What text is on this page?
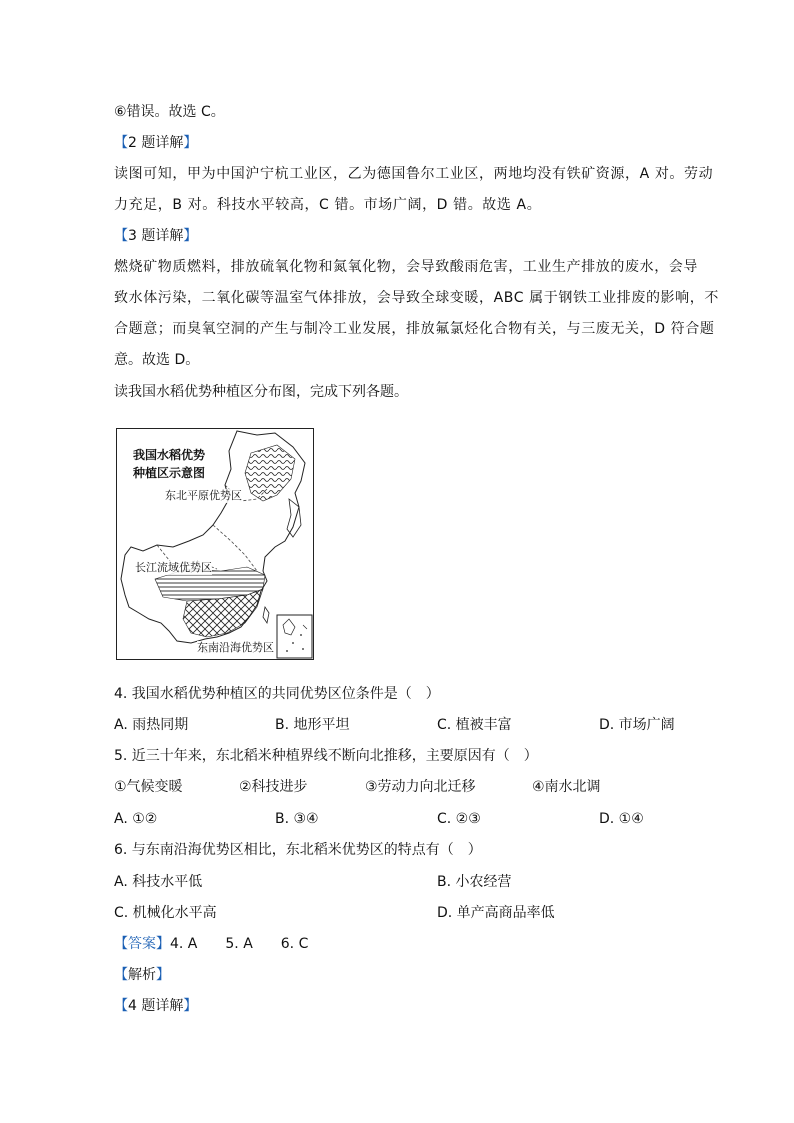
⑥错误。故选 C。
【2 题详解】
读图可知，甲为中国沪宁杭工业区，乙为德国鲁尔工业区，两地均没有铁矿资源，A 对。劳动
力充足，B 对。科技水平较高，C 错。市场广阔，D 错。故选 A。
【3 题详解】
燃烧矿物质燃料，排放硫氧化物和氮氧化物，会导致酸雨危害，工业生产排放的废水，会导
致水体污染，二氧化碳等温室气体排放，会导致全球变暖，ABC 属于钢铁工业排废的影响，不
合题意；而臭氧空洞的产生与制冷工业发展，排放氟氯烃化合物有关，与三废无关，D 符合题
意。故选 D。
读我国水稻优势种植区分布图，完成下列各题。
我国水稻优势
种植区示意图
东北平原优势区
长江流域优势区
东南沿海优势区
4. 我国水稻优势种植区的共同优势区位条件是（　）
A. 雨热同期	B. 地形平坦	C. 植被丰富	D. 市场广阔
5. 近三十年来，东北稻米种植界线不断向北推移，主要原因有（　）
①气候变暖	②科技进步	③劳动力向北迁移	④南水北调
A. ①②	B. ③④	C. ②③	D. ①④
6. 与东南沿海优势区相比，东北稻米优势区的特点有（　）
A. 科技水平低	B. 小农经营
C. 机械化水平高	D. 单产高商品率低
【答案】4. A　　5. A　　6. C
【解析】
【4 题详解】
